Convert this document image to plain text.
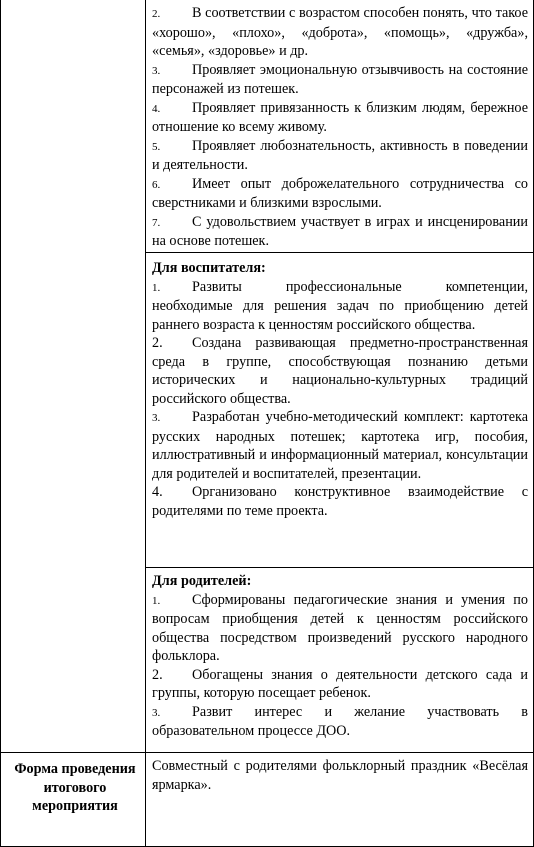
2. В соответствии с возрастом способен понять, что такое «хорошо», «плохо», «доброта», «помощь», «дружба», «семья», «здоровье» и др.

3. Проявляет эмоциональную отзывчивость на состояние персонажей из потешек.

4. Проявляет привязанность к близким людям, бережное отношение ко всему живому.

5. Проявляет любознательность, активность в поведении и деятельности.

6. Имеет опыт доброжелательного сотрудничества со сверстниками и близкими взрослыми.

7. С удовольствием участвует в играх и инсценировании на основе потешек.

Для воспитателя:

1. Развиты профессиональные компетенции, необходимые для решения задач по приобщению детей раннего возраста к ценностям российского общества.

2. Создана развивающая предметно-пространственная среда в группе, способствующая познанию детьми исторических и национально-культурных традиций российского общества.

3. Разработан учебно-методический комплект: картотека русских народных потешек; картотека игр, пособия, иллюстративный и информационный материал, консультации для родителей и воспитателей, презентации.

4. Организовано конструктивное взаимодействие с родителями по теме проекта.

Для родителей:

1. Сформированы педагогические знания и умения по вопросам приобщения детей к ценностям российского общества посредством произведений русского народного фольклора.

2. Обогащены знания о деятельности детского сада и группы, которую посещает ребенок.

3. Развит интерес и желание участвовать в образовательном процессе ДОО.

Форма проведения итогового мероприятия

Совместный с родителями фольклорный праздник «Весёлая ярмарка».
